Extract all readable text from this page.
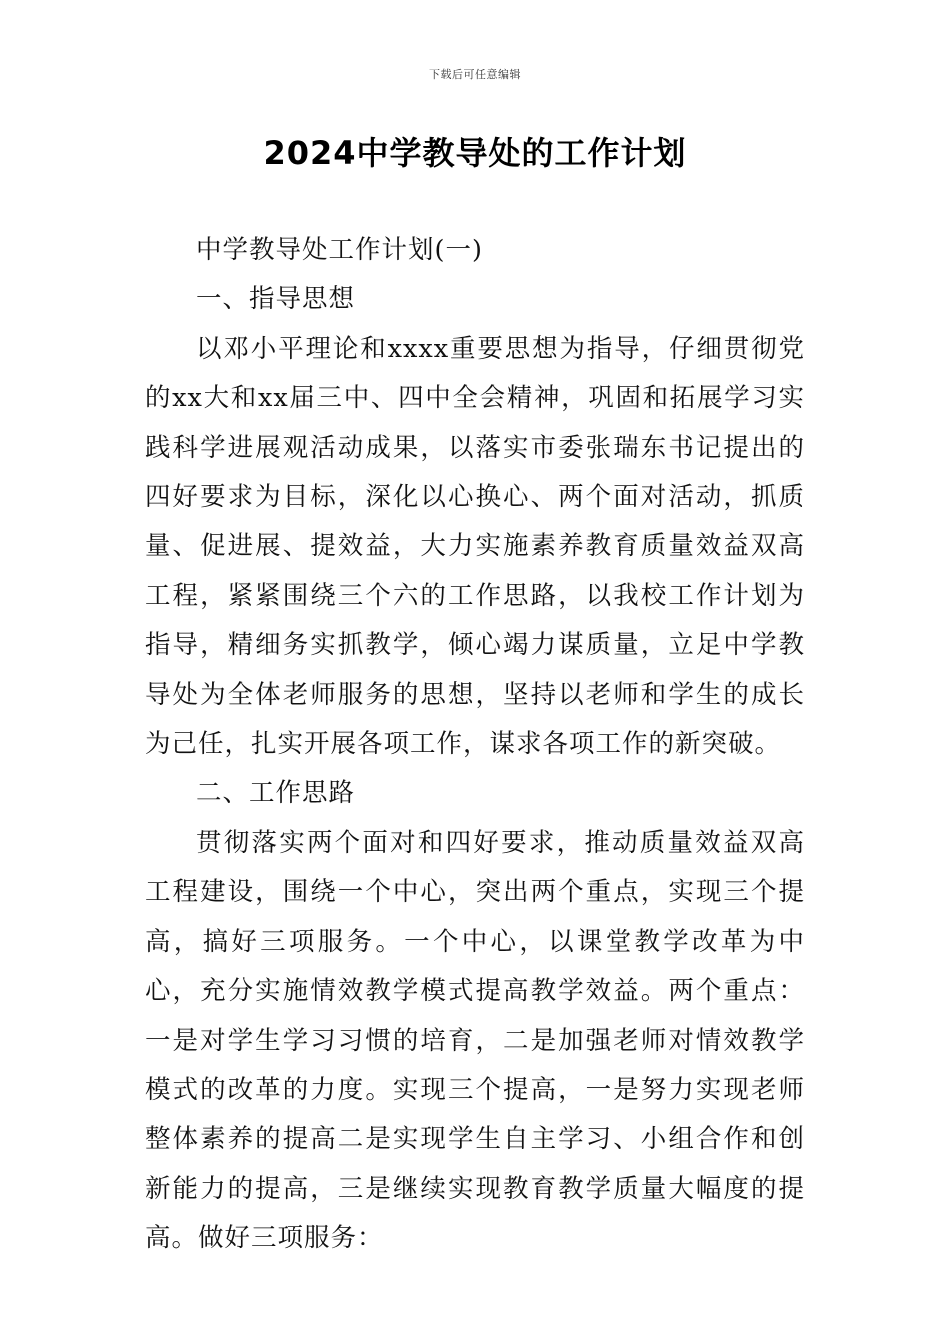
下载后可任意编辑
2024中学教导处的工作计划

中学教导处工作计划(一)

一、指导思想

以邓小平理论和xxxx重要思想为指导，仔细贯彻党的xx大和xx届三中、四中全会精神，巩固和拓展学习实践科学进展观活动成果，以落实市委张瑞东书记提出的四好要求为目标，深化以心换心、两个面对活动，抓质量、促进展、提效益，大力实施素养教育质量效益双高工程，紧紧围绕三个六的工作思路，以我校工作计划为指导，精细务实抓教学，倾心竭力谋质量，立足中学教导处为全体老师服务的思想，坚持以老师和学生的成长为己任，扎实开展各项工作，谋求各项工作的新突破。

二、工作思路

贯彻落实两个面对和四好要求，推动质量效益双高工程建设，围绕一个中心，突出两个重点，实现三个提高，搞好三项服务。一个中心，以课堂教学改革为中心，充分实施情效教学模式提高教学效益。两个重点：一是对学生学习习惯的培育，二是加强老师对情效教学模式的改革的力度。实现三个提高，一是努力实现老师整体素养的提高二是实现学生自主学习、小组合作和创新能力的提高，三是继续实现教育教学质量大幅度的提高。做好三项服务：
